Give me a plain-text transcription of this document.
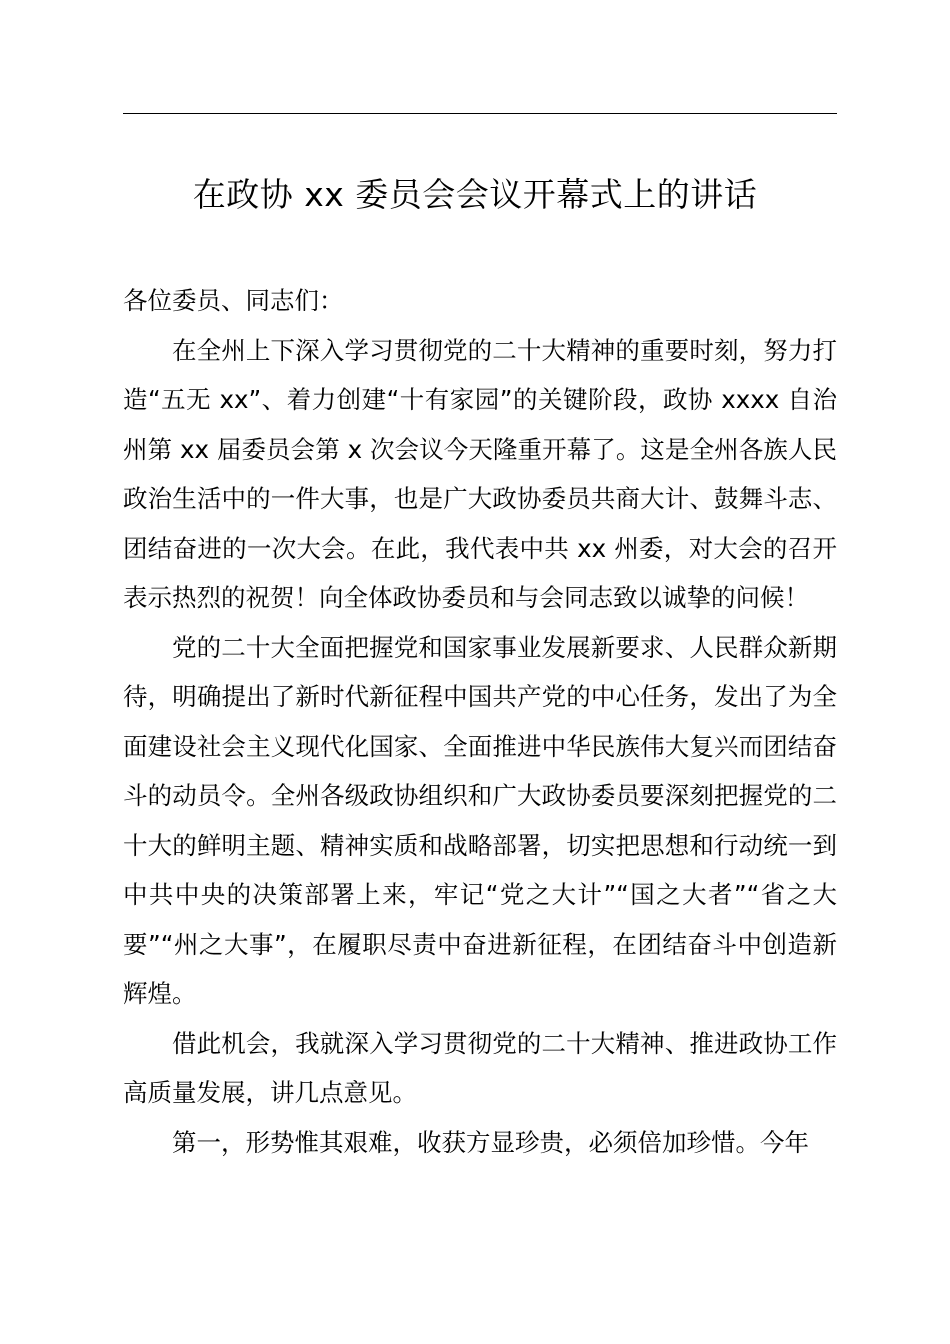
在政协 xx 委员会会议开幕式上的讲话

各位委员、同志们：

在全州上下深入学习贯彻党的二十大精神的重要时刻，努力打造“五无 xx”、着力创建“十有家园”的关键阶段，政协 xxxx 自治州第 xx 届委员会第 x 次会议今天隆重开幕了。这是全州各族人民政治生活中的一件大事，也是广大政协委员共商大计、鼓舞斗志、团结奋进的一次大会。在此，我代表中共 xx 州委，对大会的召开表示热烈的祝贺！向全体政协委员和与会同志致以诚挚的问候！

党的二十大全面把握党和国家事业发展新要求、人民群众新期待，明确提出了新时代新征程中国共产党的中心任务，发出了为全面建设社会主义现代化国家、全面推进中华民族伟大复兴而团结奋斗的动员令。全州各级政协组织和广大政协委员要深刻把握党的二十大的鲜明主题、精神实质和战略部署，切实把思想和行动统一到中共中央的决策部署上来，牢记“党之大计”“国之大者”“省之大要”“州之大事”，在履职尽责中奋进新征程，在团结奋斗中创造新辉煌。

借此机会，我就深入学习贯彻党的二十大精神、推进政协工作高质量发展，讲几点意见。

第一，形势惟其艰难，收获方显珍贵，必须倍加珍惜。今年
